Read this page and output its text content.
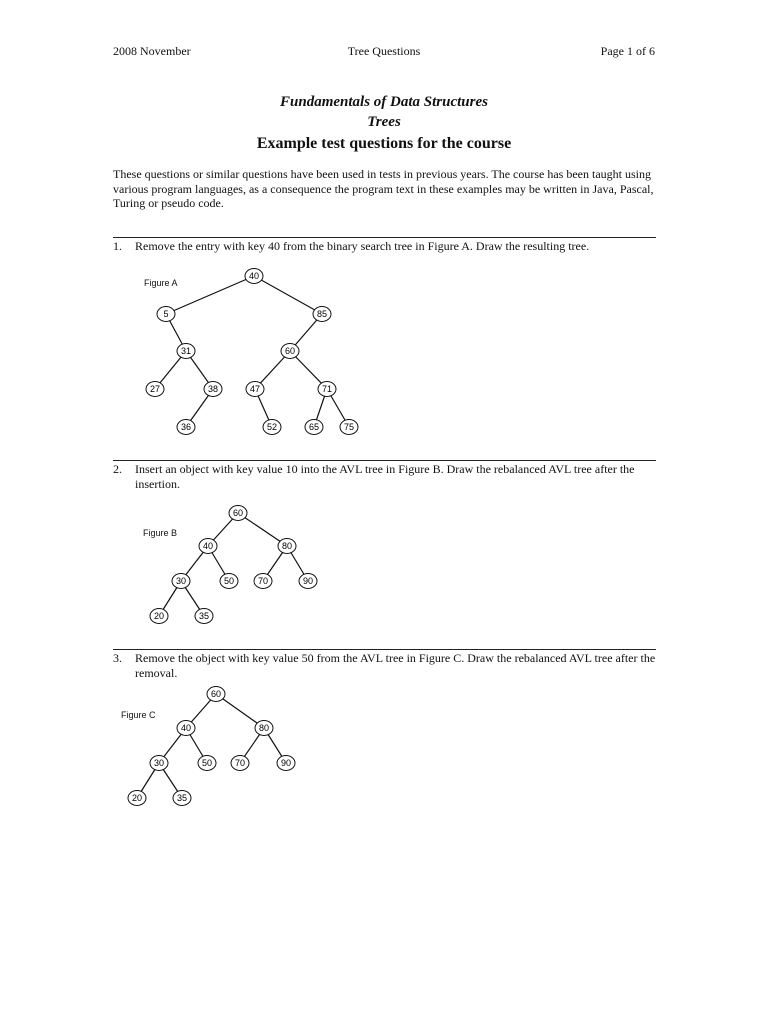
2008 November	Tree Questions	Page 1 of 6
Fundamentals of Data Structures
Trees
Example test questions for the course
These questions or similar questions have been used in tests in previous years. The course has been taught using various program languages, as a consequence the program text in these examples may be written in Java, Pascal, Turing or pseudo code.
1. Remove the entry with key 40 from the binary search tree in Figure A. Draw the resulting tree.
Figure A
40
5	85
31	60
27	38	47	71
36	52	65	75
2. Insert an object with key value 10 into the AVL tree in Figure B. Draw the rebalanced AVL tree after the insertion.
Figure B
60
40	80
30	50	70	90
20	35
3. Remove the object with key value 50 from the AVL tree in Figure C. Draw the rebalanced AVL tree after the removal.
Figure C
60
40	80
30	50	70	90
20	35
